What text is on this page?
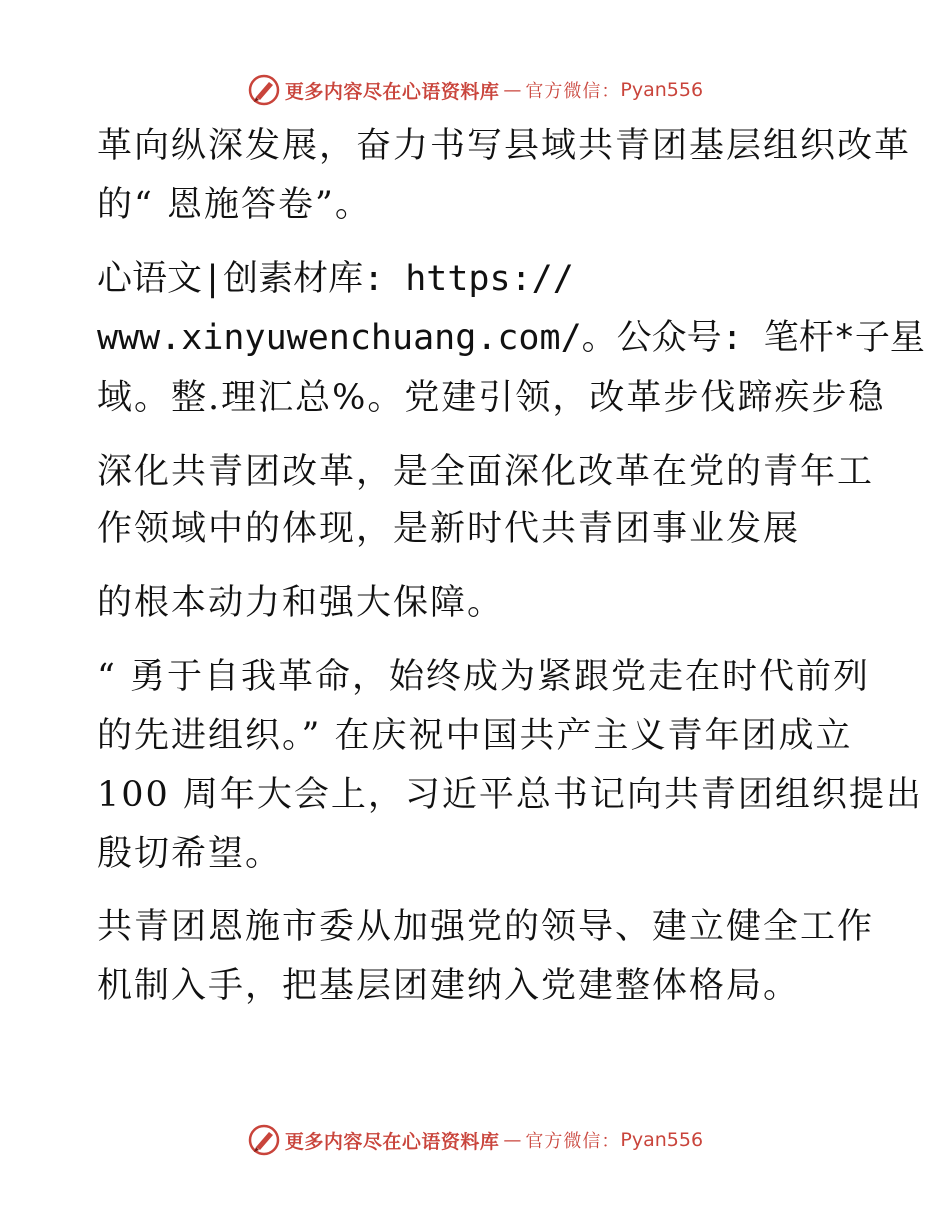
更多内容尽在心语资料库 — 官方微信： Pyan556
革向纵深发展，奋力书写县域共青团基层组织改革
的“ 恩施答卷”。
心语文|创素材库: https://
www.xinyuwenchuang.com/。公众号: 笔杆*子星
域。整.理汇总%。党建引领，改革步伐蹄疾步稳
深化共青团改革，是全面深化改革在党的青年工
作领域中的体现，是新时代共青团事业发展
的根本动力和强大保障。
“ 勇于自我革命，始终成为紧跟党走在时代前列
的先进组织。” 在庆祝中国共产主义青年团成立
100 周年大会上，习近平总书记向共青团组织提出
殷切希望。
共青团恩施市委从加强党的领导、建立健全工作
机制入手，把基层团建纳入党建整体格局。
更多内容尽在心语资料库 — 官方微信： Pyan556
